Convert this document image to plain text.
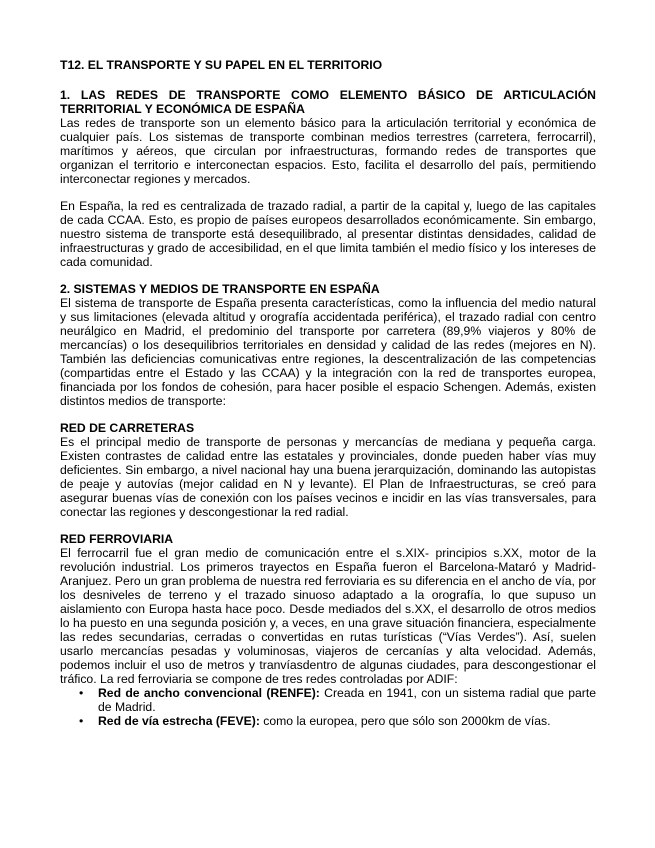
T12. EL TRANSPORTE Y SU PAPEL EN EL TERRITORIO
1. LAS REDES DE TRANSPORTE COMO ELEMENTO BÁSICO DE ARTICULACIÓN TERRITORIAL Y ECONÓMICA DE ESPAÑA

Las redes de transporte son un elemento básico para la articulación territorial y económica de cualquier país. Los sistemas de transporte combinan medios terrestres (carretera, ferrocarril), marítimos y aéreos, que circulan por infraestructuras, formando redes de transportes que organizan el territorio e interconectan espacios. Esto, facilita el desarrollo del país, permitiendo interconectar regiones y mercados.

En España, la red es centralizada de trazado radial, a partir de la capital y, luego de las capitales de cada CCAA. Esto, es propio de países europeos desarrollados económicamente. Sin embargo, nuestro sistema de transporte está desequilibrado, al presentar distintas densidades, calidad de infraestructuras y grado de accesibilidad, en el que limita también el medio físico y los intereses de cada comunidad.

2. SISTEMAS Y MEDIOS DE TRANSPORTE EN ESPAÑA

El sistema de transporte de España presenta características, como la influencia del medio natural y sus limitaciones (elevada altitud y orografía accidentada periférica), el trazado radial con centro neurálgico en Madrid, el predominio del transporte por carretera (89,9% viajeros y 80% de mercancías) o los desequilibrios territoriales en densidad y calidad de las redes (mejores en N). También las deficiencias comunicativas entre regiones, la descentralización de las competencias (compartidas entre el Estado y las CCAA) y la integración con la red de transportes europea, financiada por los fondos de cohesión, para hacer posible el espacio Schengen. Además, existen distintos medios de transporte:

RED DE CARRETERAS

Es el principal medio de transporte de personas y mercancías de mediana y pequeña carga. Existen contrastes de calidad entre las estatales y provinciales, donde pueden haber vías muy deficientes. Sin embargo, a nivel nacional hay una buena jerarquización, dominando las autopistas de peaje y autovías (mejor calidad en N y levante). El Plan de Infraestructuras, se creó para asegurar buenas vías de conexión con los países vecinos e incidir en las vías transversales, para conectar las regiones y descongestionar la red radial.

RED FERROVIARIA

El ferrocarril fue el gran medio de comunicación entre el s.XIX- principios s.XX, motor de la revolución industrial. Los primeros trayectos en España fueron el Barcelona-Mataró y Madrid-Aranjuez. Pero un gran problema de nuestra red ferroviaria es su diferencia en el ancho de vía, por los desniveles de terreno y el trazado sinuoso adaptado a la orografía, lo que supuso un aislamiento con Europa hasta hace poco. Desde mediados del s.XX, el desarrollo de otros medios lo ha puesto en una segunda posición y, a veces, en una grave situación financiera, especialmente las redes secundarias, cerradas o convertidas en rutas turísticas (“Vías Verdes”). Así, suelen usarlo mercancías pesadas y voluminosas, viajeros de cercanías y alta velocidad. Además, podemos incluir el uso de metros y tranvíasdentro de algunas ciudades, para descongestionar el tráfico. La red ferroviaria se compone de tres redes controladas por ADIF:

• Red de ancho convencional (RENFE): Creada en 1941, con un sistema radial que parte de Madrid.
• Red de vía estrecha (FEVE): como la europea, pero que sólo son 2000km de vías.
